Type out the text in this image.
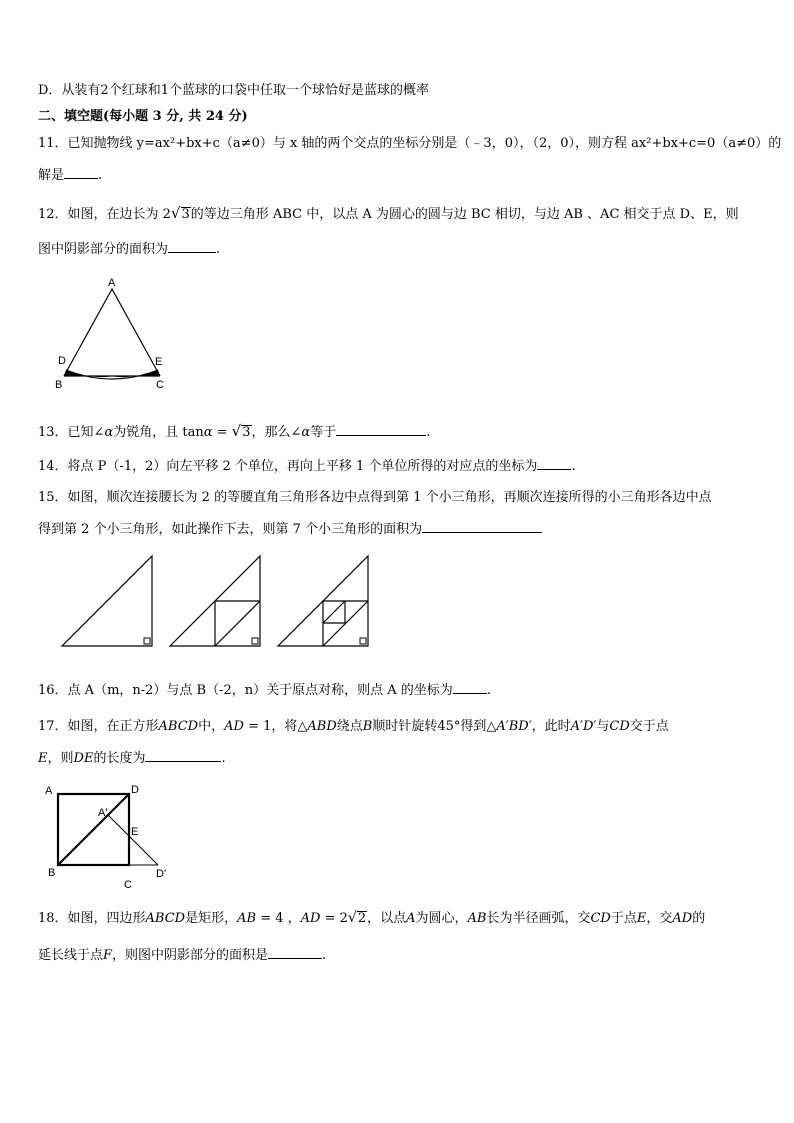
D．从装有2个红球和1个蓝球的口袋中任取一个球恰好是蓝球的概率
二、填空题(每小题 3 分, 共 24 分)
11．已知抛物线 y=ax²+bx+c（a≠0）与 x 轴的两个交点的坐标分别是（﹣3，0），（2，0），则方程 ax²+bx+c=0（a≠0）的
解是	.
12．如图，在边长为 2√3的等边三角形 ABC 中，以点 A 为圆心的圆与边 BC 相切，与边 AB 、AC 相交于点 D、E，则
图中阴影部分的面积为	.
A
B	C
D	E
13．已知∠α为锐角，且 tanα = √3，那么∠α等于	.
14．将点 P（-1，2）向左平移 2 个单位，再向上平移 1 个单位所得的对应点的坐标为	.
15．如图，顺次连接腰长为 2 的等腰直角三角形各边中点得到第 1 个小三角形，再顺次连接所得的小三角形各边中点
得到第 2 个小三角形，如此操作下去，则第 7 个小三角形的面积为
16．点 A（m，n-2）与点 B（-2，n）关于原点对称，则点 A 的坐标为	.
17．如图，在正方形ABCD中，AD = 1，将△ABD绕点B顺时针旋转45°得到△A′BD′，此时A′D′与CD交于点
E，则DE的长度为	.
A	D
A'
E
B
C
D'
18．如图，四边形ABCD是矩形，AB = 4 ，AD = 2√2，以点A为圆心，AB长为半径画弧，交CD于点E，交AD的
延长线于点F，则图中阴影部分的面积是	.
